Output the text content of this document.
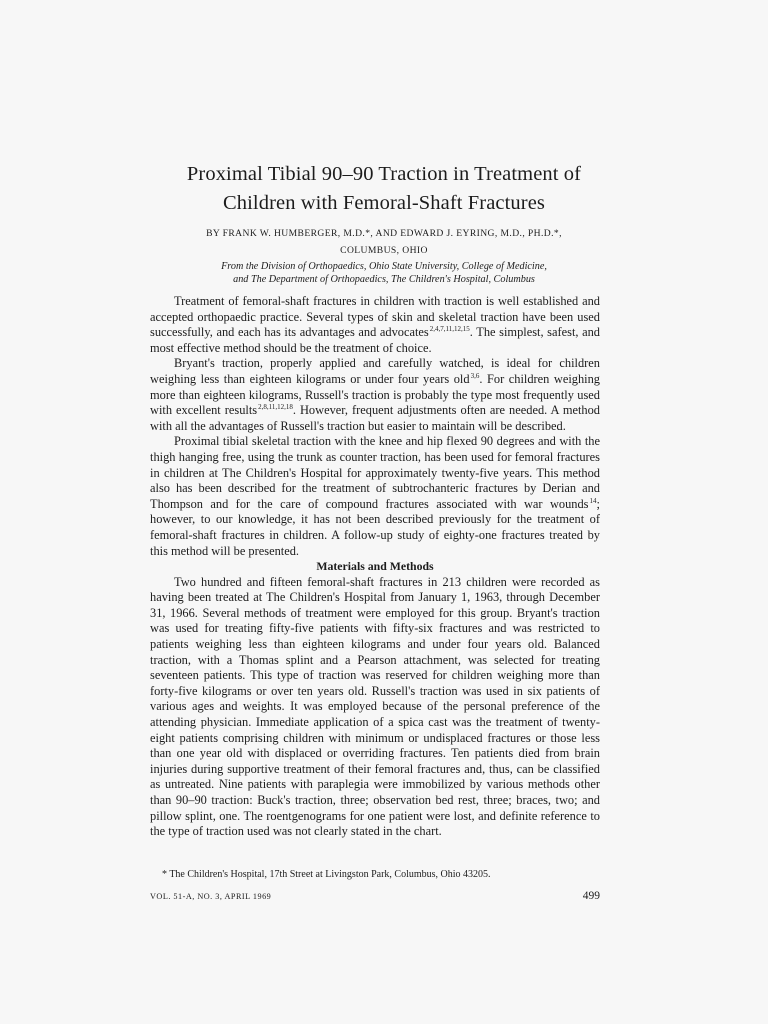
Proximal Tibial 90–90 Traction in Treatment of
Children with Femoral-Shaft Fractures
BY FRANK W. HUMBERGER, M.D.*, AND EDWARD J. EYRING, M.D., PH.D.*,
COLUMBUS, OHIO
From the Division of Orthopaedics, Ohio State University, College of Medicine,
and The Department of Orthopaedics, The Children's Hospital, Columbus

Treatment of femoral-shaft fractures in children with traction is well established and accepted orthopaedic practice. Several types of skin and skeletal traction have been used successfully, and each has its advantages and advocates $^{2,4,7,11,12,15}$. The simplest, safest, and most effective method should be the treatment of choice.

Bryant's traction, properly applied and carefully watched, is ideal for children weighing less than eighteen kilograms or under four years old $^{3,6}$. For children weighing more than eighteen kilograms, Russell's traction is probably the type most frequently used with excellent results $^{2,8,11,12,18}$. However, frequent adjustments often are needed. A method with all the advantages of Russell's traction but easier to maintain will be described.

Proximal tibial skeletal traction with the knee and hip flexed 90 degrees and with the thigh hanging free, using the trunk as counter traction, has been used for femoral fractures in children at The Children's Hospital for approximately twenty-five years. This method also has been described for the treatment of subtrochanteric fractures by Derian and Thompson and for the care of compound fractures associated with war wounds $^{14}$; however, to our knowledge, it has not been described previously for the treatment of femoral-shaft fractures in children. A follow-up study of eighty-one fractures treated by this method will be presented.

Materials and Methods

Two hundred and fifteen femoral-shaft fractures in 213 children were recorded as having been treated at The Children's Hospital from January 1, 1963, through December 31, 1966. Several methods of treatment were employed for this group. Bryant's traction was used for treating fifty-five patients with fifty-six fractures and was restricted to patients weighing less than eighteen kilograms and under four years old. Balanced traction, with a Thomas splint and a Pearson attachment, was selected for treating seventeen patients. This type of traction was reserved for children weighing more than forty-five kilograms or over ten years old. Russell's traction was used in six patients of various ages and weights. It was employed because of the personal preference of the attending physician. Immediate application of a spica cast was the treatment of twenty-eight patients comprising children with minimum or undisplaced fractures or those less than one year old with displaced or overriding fractures. Ten patients died from brain injuries during supportive treatment of their femoral fractures and, thus, can be classified as untreated. Nine patients with paraplegia were immobilized by various methods other than 90–90 traction: Buck's traction, three; observation bed rest, three; braces, two; and pillow splint, one. The roentgenograms for one patient were lost, and definite reference to the type of traction used was not clearly stated in the chart.

* The Children's Hospital, 17th Street at Livingston Park, Columbus, Ohio 43205.
VOL. 51-A, NO. 3, APRIL 1969	499
